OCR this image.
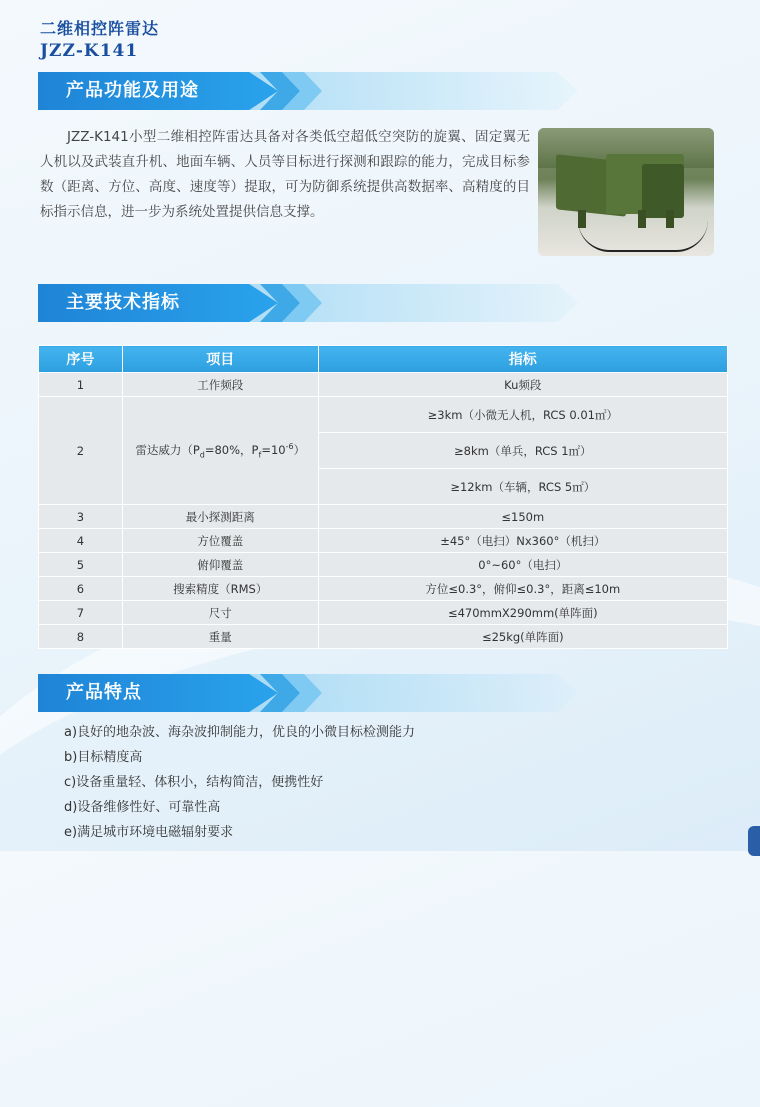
二维相控阵雷达
JZZ-K141
产品功能及用途
JZZ-K141小型二维相控阵雷达具备对各类低空超低空突防的旋翼、固定翼无人机以及武装直升机、地面车辆、人员等目标进行探测和跟踪的能力，完成目标参数（距离、方位、高度、速度等）提取，可为防御系统提供高数据率、高精度的目标指示信息，进一步为系统处置提供信息支撑。
主要技术指标
序号	项目	指标
1	工作频段	Ku频段
2	雷达威力（$P_d=80\%$，$P_f=10^{-6}$）	≥3km（小微无人机，RCS 0.01㎡）
		≥8km（单兵，RCS 1㎡）
		≥12km（车辆，RCS 5㎡）
3	最小探测距离	≤150m
4	方位覆盖	±45°（电扫）Nx360°（机扫）
5	俯仰覆盖	0°~60°（电扫）
6	搜索精度（RMS）	方位≤0.3°，俯仰≤0.3°，距离≤10m
7	尺寸	≤470mmX290mm(单阵面)
8	重量	≤25kg(单阵面)
产品特点
a)良好的地杂波、海杂波抑制能力，优良的小微目标检测能力
b)目标精度高
c)设备重量轻、体积小，结构简洁，便携性好
d)设备维修性好、可靠性高
e)满足城市环境电磁辐射要求
